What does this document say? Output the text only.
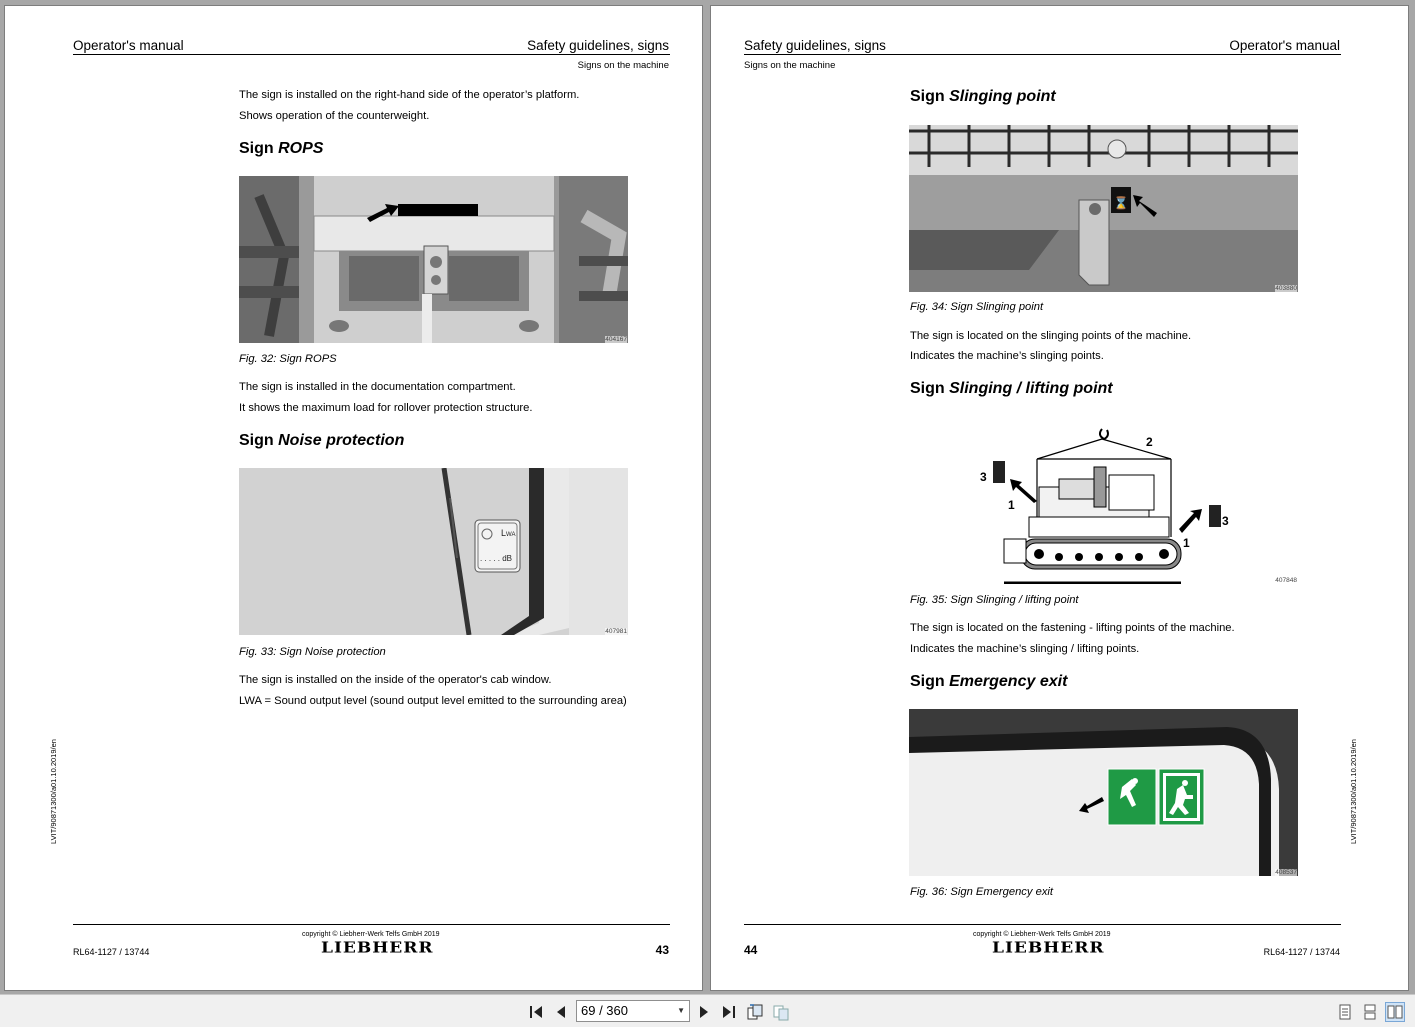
Operator's manual	Safety guidelines, signs
Signs on the machine
The sign is installed on the right-hand side of the operator’s platform.
Shows operation of the counterweight.
Sign ROPS
404167
Fig. 32: Sign ROPS
The sign is installed in the documentation compartment.
It shows the maximum load for rollover protection structure.
Sign Noise protection
LWA
. . . . . dB
407981
Fig. 33: Sign Noise protection
The sign is installed on the inside of the operator's cab window.
LWA = Sound output level (sound output level emitted to the surrounding area)
LVIT/90871300/a01.10.2019/en
copyright © Liebherr-Werk Telfs GmbH 2019
LIEBHERR
RL64-1127 / 13744	43
Safety guidelines, signs	Operator's manual
Signs on the machine
Sign Slinging point
⌛
403880
Fig. 34: Sign Slinging point
The sign is located on the slinging points of the machine.
Indicates the machine’s slinging points.
Sign Slinging / lifting point
2
3
3
1
1
407848
Fig. 35: Sign Slinging / lifting point
The sign is located on the fastening - lifting points of the machine.
Indicates the machine’s slinging / lifting points.
Sign Emergency exit
408537
Fig. 36: Sign Emergency exit
LVIT/90871300/a01.10.2019/en
copyright © Liebherr-Werk Telfs GmbH 2019
LIEBHERR
44	RL64-1127 / 13744
69 / 360	▼
